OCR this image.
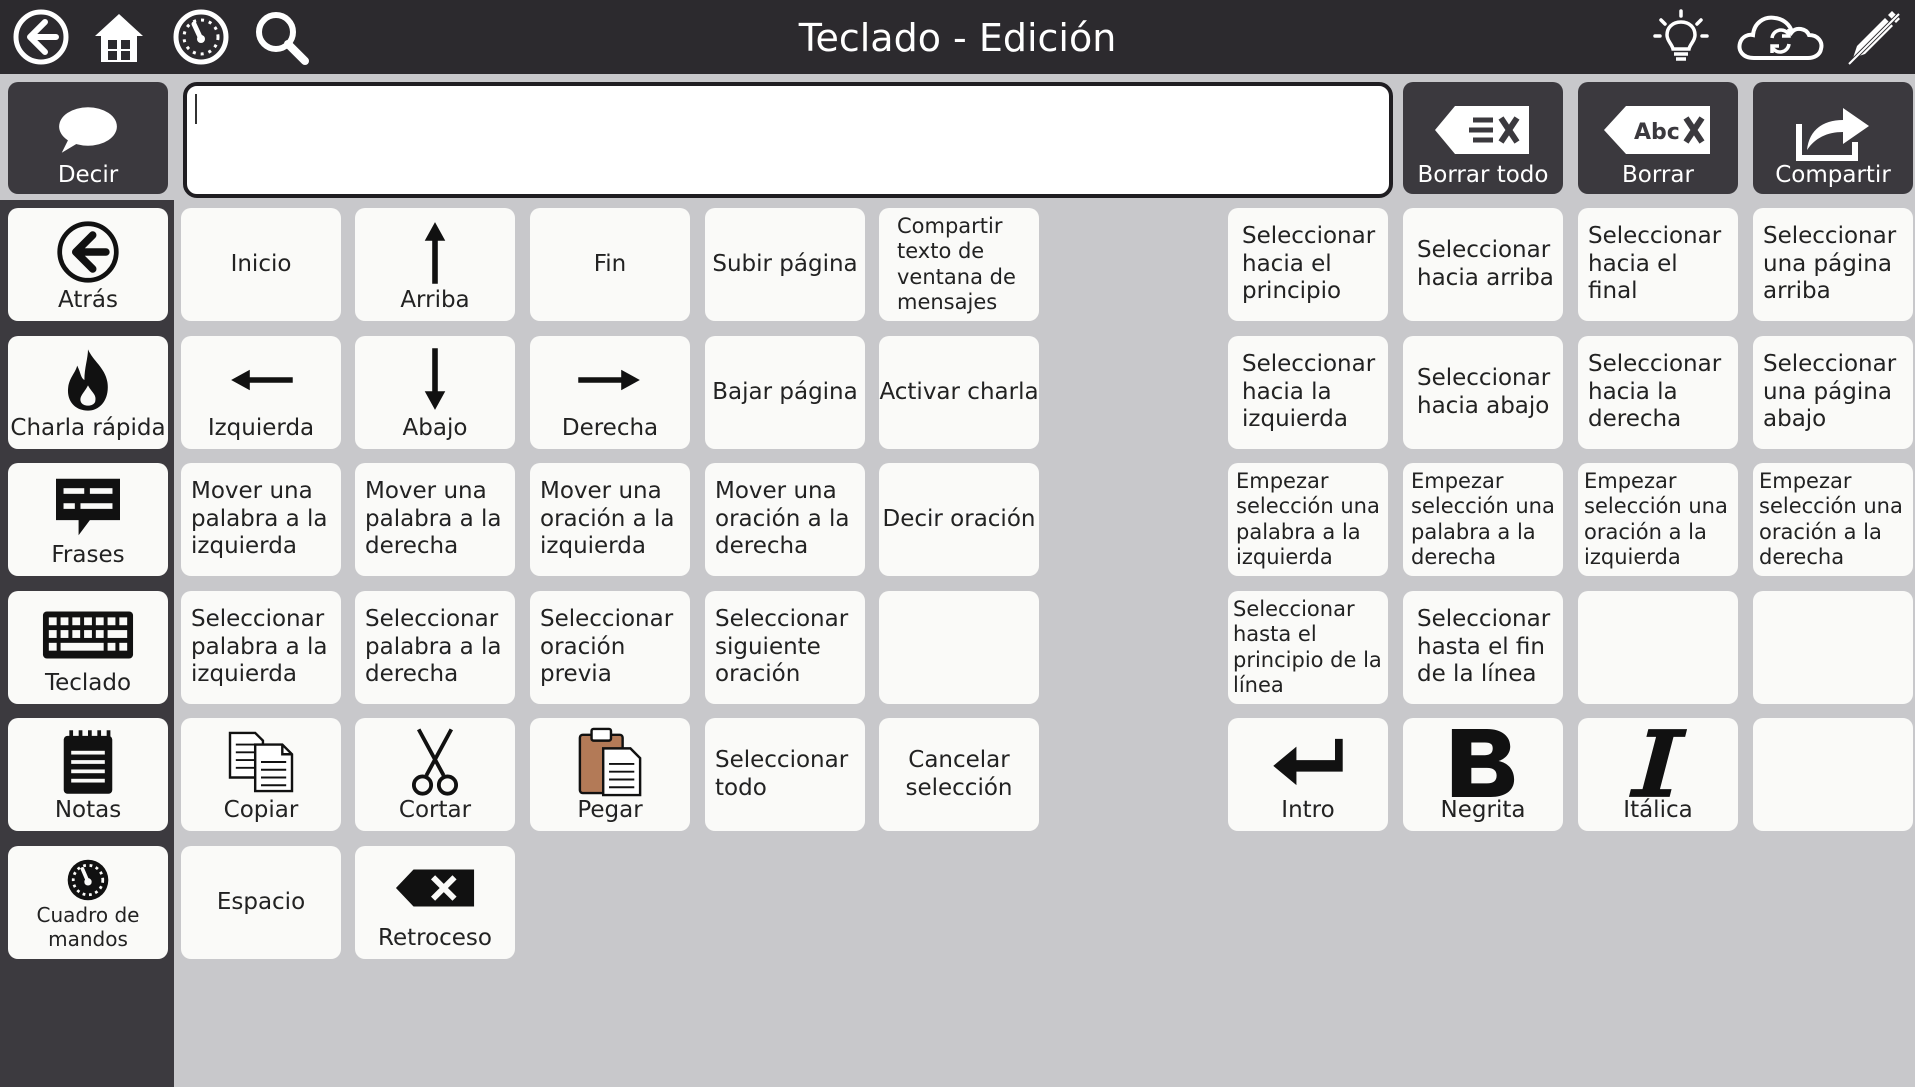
Teclado - Edición
Decir	Borrar todo
Abc
Borrar	Compartir
Atrás
Charla rápida
Frases
Teclado
Notas
Cuadro de mandos
Inicio
Arriba
Fin	Subir página
Compartir texto de ventana de mensajes
Izquierda	Abajo	Derecha
Bajar página Activar charla
Mover una palabra a la izquierda
Mover una palabra a la derecha
Mover una oración a la izquierda
Mover una oración a la derecha
Decir oración
Seleccionar palabra a la izquierda
Seleccionar palabra a la derecha
Seleccionar oración previa
Seleccionar siguiente oración
Copiar	Cortar	Pegar
Seleccionar todo
Cancelar selección
Espacio
Retroceso
Seleccionar hacia el principio
Seleccionar hacia arriba
Seleccionar hacia el final
Seleccionar una página arriba
Seleccionar hacia la izquierda
Seleccionar hacia abajo
Seleccionar hacia la derecha
Seleccionar una página abajo
Empezar selección una palabra a la izquierda
Empezar selección una palabra a la derecha
Empezar selección una oración a la izquierda
Empezar selección una oración a la derecha
Seleccionar hasta el principio de la línea
Seleccionar hasta el fin de la línea
Intro	Negrita	Itálica
